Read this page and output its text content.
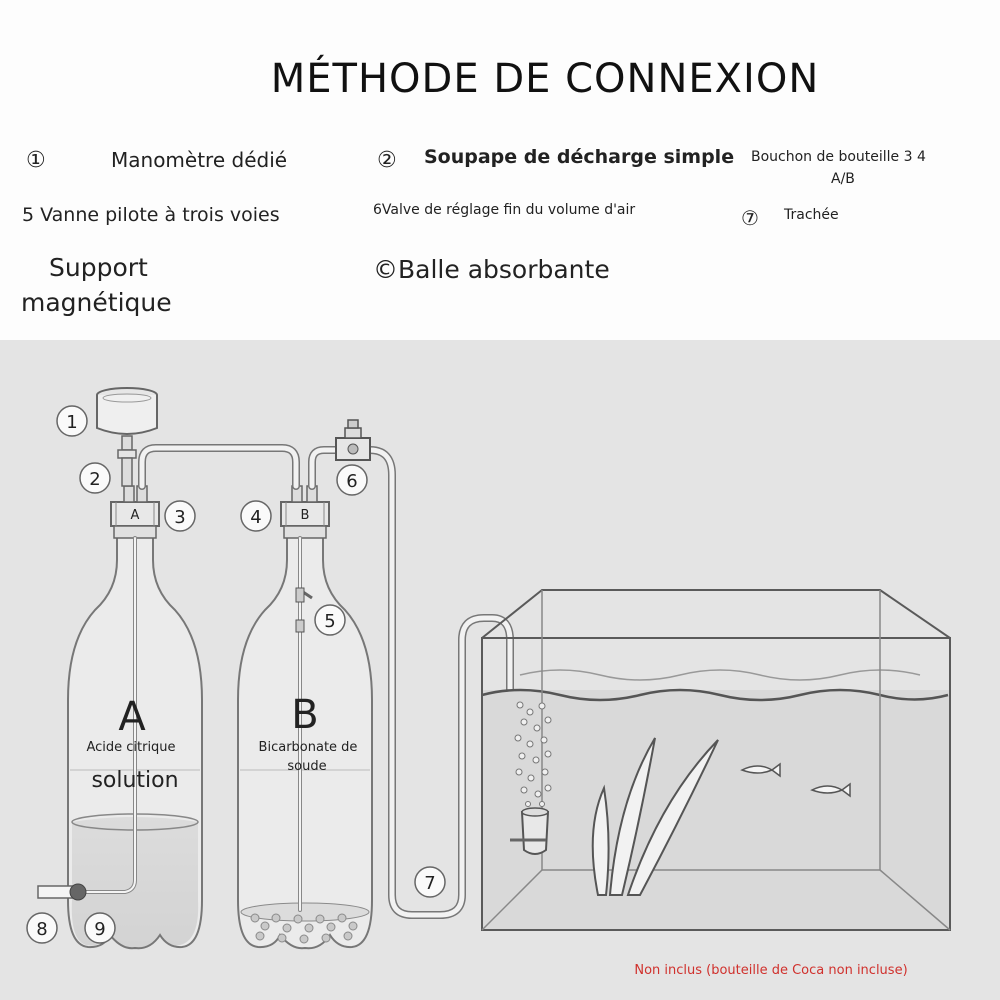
MÉTHODE DE CONNEXION
①	Manomètre dédié	② Soupape de décharge simple Bouchon de bouteille 3 4
A/B
5 Vanne pilote à trois voies	6Valve de réglage fin du volume d'air	⑦ Trachée
Support
magnétique
©Balle absorbante
A	B
A
Acide citrique
solution
B
Bicarbonate de
soude
1
2
3	4
5
6
7
8	9
Non inclus (bouteille de Coca non incluse)
